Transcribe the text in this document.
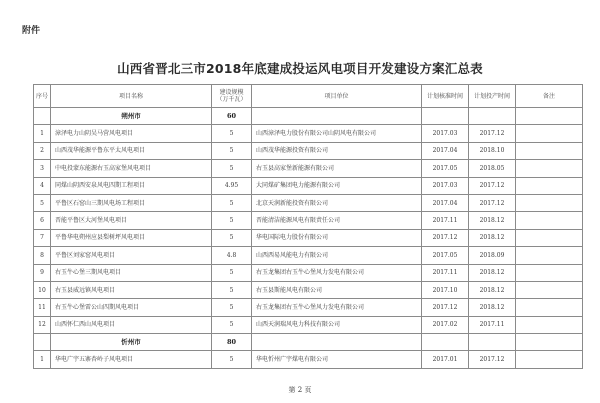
附件
山西省晋北三市2018年底建成投运风电项目开发建设方案汇总表
序号	项目名称	建设规模（万千瓦）	项目单位	计划核准时间	计划投产时间	备注
	朔州市	60				
1	漳泽电力山阴吴马营风电项目	5	山西漳泽电力股份有限公司山阴风电有限公司	2017.03	2017.12	
2	山西茂华能源平鲁东平太风电项目	5	山西茂华能源投资有限公司	2017.04	2018.10	
3	中电投蒙东能源右玉高家堡风电项目	5	右玉县高家堡新能源有限公司	2017.05	2018.05	
4	同煤山阴西安泉风电四期工程项目	4.95	大同煤矿集团电力能源有限公司	2017.03	2017.12	
5	平鲁区石窑山三期风电场工程项目	5	北京天润新能投资有限公司	2017.04	2017.12	
6	晋能平鲁区大河堡风电项目	5	晋能清洁能源风电有限责任公司	2017.11	2018.12	
7	平鲁华电朔州应县梨树坪风电项目	5	华电国际电力股份有限公司	2017.12	2018.12	
8	平鲁区刘家窑风电项目	4.8	山西西易风能电力有限公司	2017.05	2018.09	
9	右玉牛心堡三期风电项目	5	右玉龙集团右玉牛心堡风力发电有限公司	2017.11	2018.12	
10	右玉县威远镇风电项目	5	右玉县斯能风电有限公司	2017.10	2018.12	
11	右玉牛心堡雷公山四期风电项目	5	右玉龙集团右玉牛心堡风力发电有限公司	2017.12	2018.12	
12	山西怀仁西山风电项目	5	山西天润瑞风电力科技有限公司	2017.02	2017.11	
	忻州市	80				
1	华电广宇五寨杏岭子风电项目	5	华电忻州广宇煤电有限公司	2017.01	2017.12	
第 2 页
